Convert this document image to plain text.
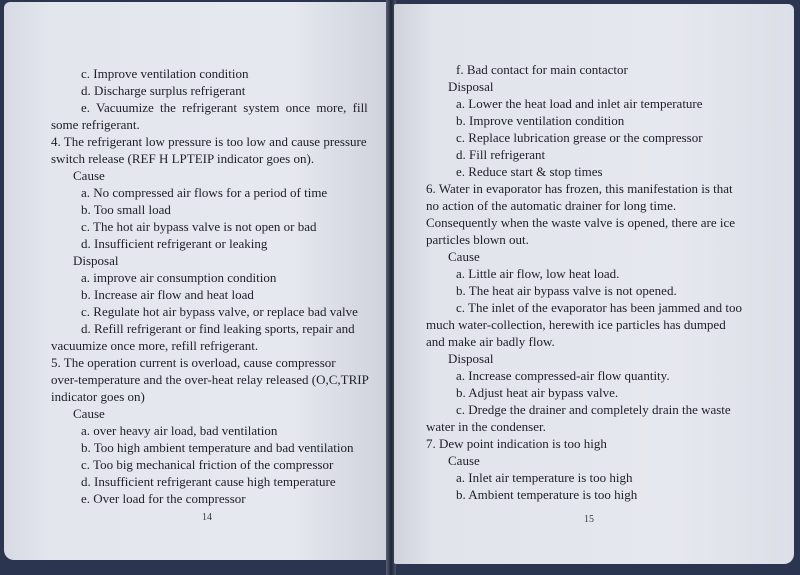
c. Improve ventilation condition

d. Discharge surplus refrigerant

e. Vacuumize the refrigerant system once more, fill

some refrigerant.

4. The refrigerant low pressure is too low and cause pressure

switch release (REF H LPTEIP indicator goes on).

Cause

a. No compressed air flows for a period of time

b. Too small load

c. The hot air bypass valve is not open or bad

d. Insufficient refrigerant or leaking

Disposal

a. improve air consumption condition

b. Increase air flow and heat load

c. Regulate hot air bypass valve, or replace bad valve

d. Refill refrigerant or find leaking sports, repair and

vacuumize once more, refill refrigerant.

5. The operation current is overload, cause compressor

over-temperature and the over-heat relay released (O,C,TRIP

indicator goes on)

Cause

a. over heavy air load, bad ventilation

b. Too high ambient temperature and bad ventilation

c. Too big mechanical friction of the compressor

d. Insufficient refrigerant cause high temperature

e. Over load for the compressor

14

f. Bad contact for main contactor

Disposal

a. Lower the heat load and inlet air temperature

b. Improve ventilation condition

c. Replace lubrication grease or the compressor

d. Fill refrigerant

e. Reduce start & stop times

6. Water in evaporator has frozen, this manifestation is that

no action of the automatic drainer for long time.

Consequently when the waste valve is opened, there are ice

particles blown out.

Cause

a. Little air flow, low heat load.

b. The heat air bypass valve is not opened.

c. The inlet of the evaporator has been jammed and too

much water-collection, herewith ice particles has dumped

and make air badly flow.

Disposal

a. Increase compressed-air flow quantity.

b. Adjust heat air bypass valve.

c. Dredge the drainer and completely drain the waste

water in the condenser.

7. Dew point indication is too high

Cause

a. Inlet air temperature is too high

b. Ambient temperature is too high

15
